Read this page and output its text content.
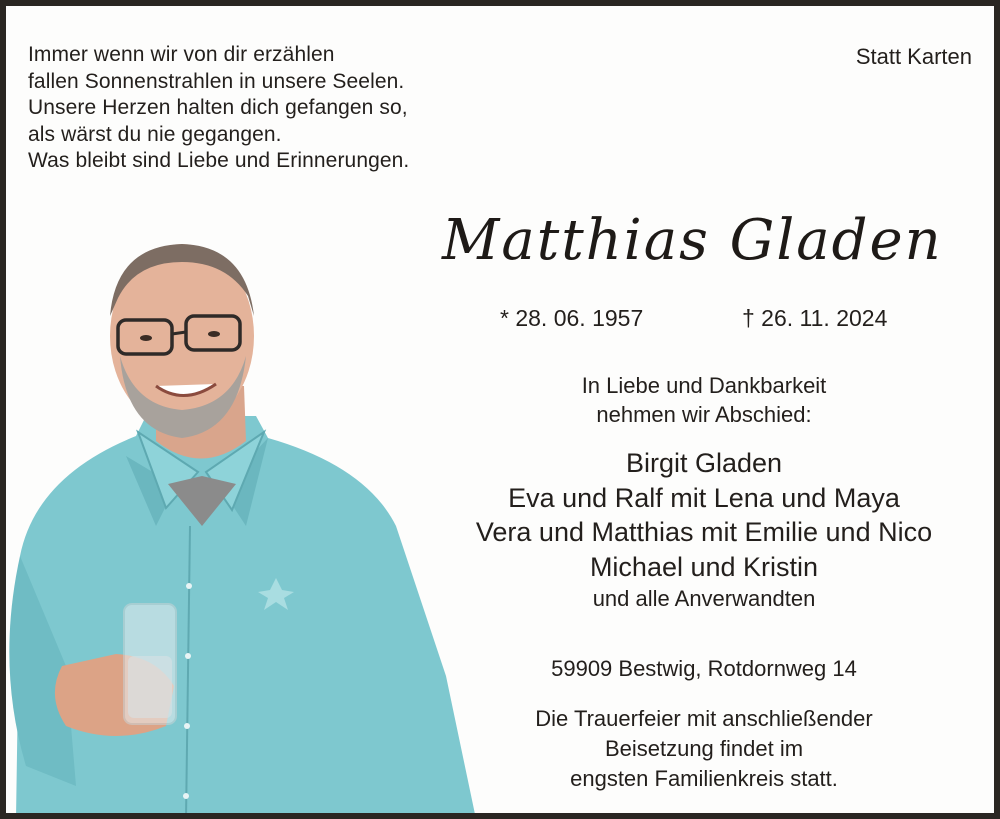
Immer wenn wir von dir erzählen
fallen Sonnenstrahlen in unsere Seelen.
Unsere Herzen halten dich gefangen so,
als wärst du nie gegangen.
Was bleibt sind Liebe und Erinnerungen.
Statt Karten
Matthias Gladen
* 28. 06. 1957	† 26. 11. 2024
In Liebe und Dankbarkeit
nehmen wir Abschied:
Birgit Gladen
Eva und Ralf mit Lena und Maya
Vera und Matthias mit Emilie und Nico
Michael und Kristin
und alle Anverwandten
59909 Bestwig, Rotdornweg 14
Die Trauerfeier mit anschließender
Beisetzung findet im
engsten Familienkreis statt.
